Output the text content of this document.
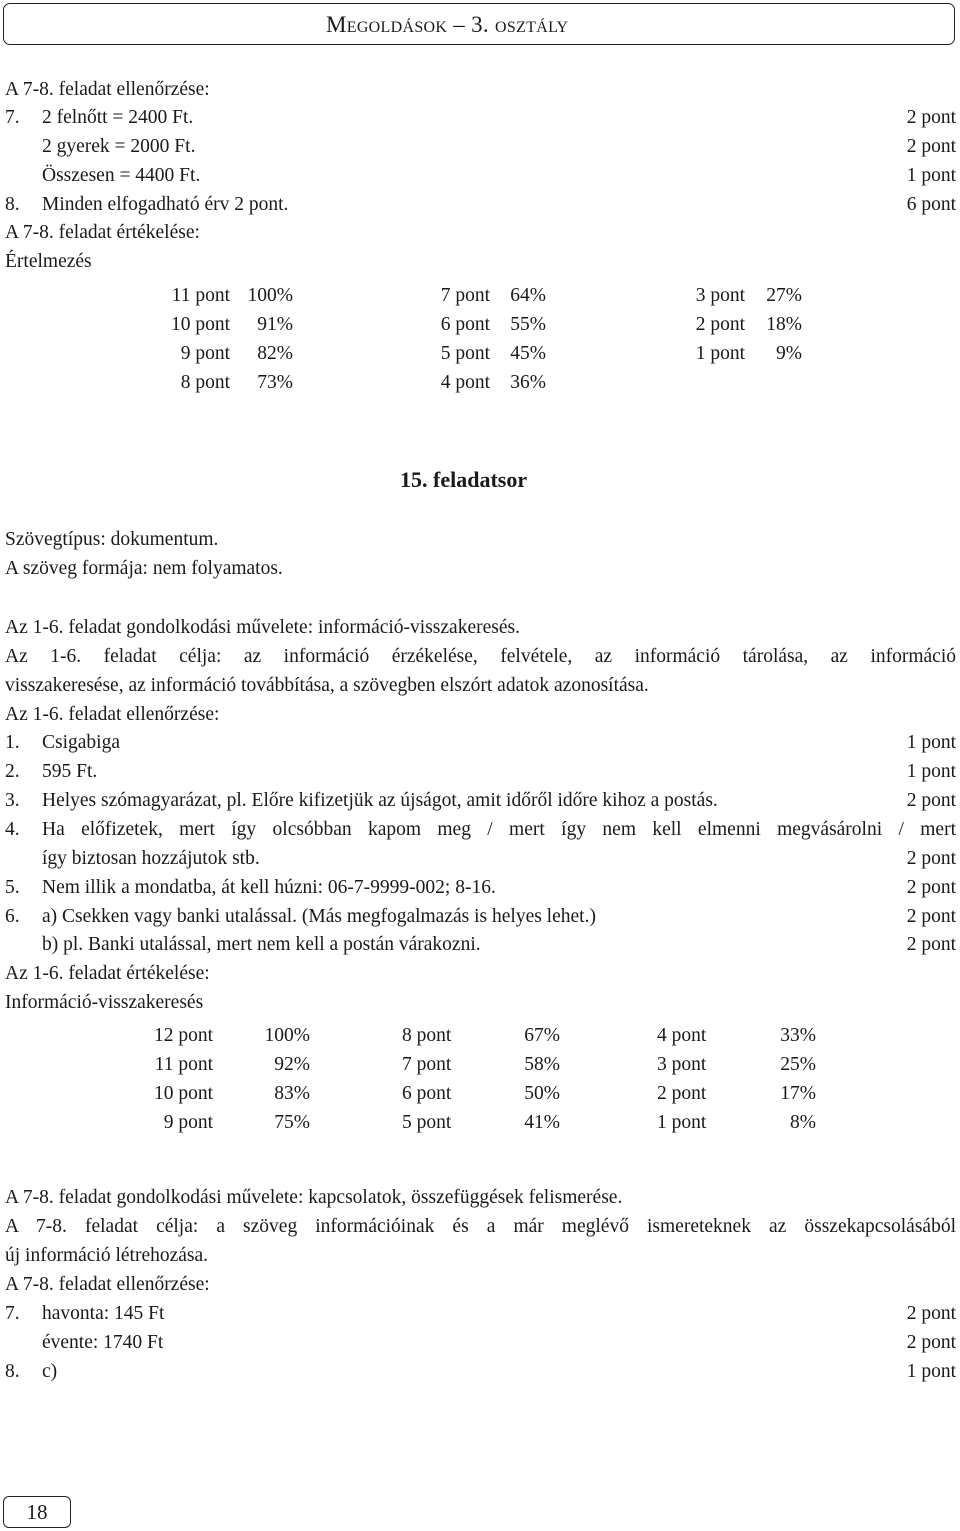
Megoldások – 3. osztály
A 7-8. feladat ellenőrzése:
7. 2 felnőtt = 2400 Ft.	2 pont
2 gyerek = 2000 Ft.	2 pont
Összesen = 4400 Ft.	1 pont
8. Minden elfogadható érv 2 pont.	6 pont
A 7-8. feladat értékelése:
Értelmezés
11 pont 100%	7 pont	64%	3 pont	27%
10 pont	91%	6 pont	55%	2 pont	18%
9 pont	82%	5 pont	45%	1 pont	9%
8 pont	73%	4 pont	36%
15. feladatsor
Szövegtípus: dokumentum.
A szöveg formája: nem folyamatos.
Az 1-6. feladat gondolkodási művelete: információ-visszakeresés.
Az 1-6. feladat célja: az információ érzékelése, felvétele, az információ tárolása, az információ
visszakeresése, az információ továbbítása, a szövegben elszórt adatok azonosítása.
Az 1-6. feladat ellenőrzése:
1. Csigabiga	1 pont
2. 595 Ft.	1 pont
3. Helyes szómagyarázat, pl. Előre kifizetjük az újságot, amit időről időre kihoz a postás.	2 pont
4. Ha előfizetek, mert így olcsóbban kapom meg / mert így nem kell elmenni megvásárolni / mert
így biztosan hozzájutok stb.	2 pont
5. Nem illik a mondatba, át kell húzni: 06-7-9999-002; 8-16.	2 pont
6. a) Csekken vagy banki utalással. (Más megfogalmazás is helyes lehet.)	2 pont
b) pl. Banki utalással, mert nem kell a postán várakozni.	2 pont
Az 1-6. feladat értékelése:
Információ-visszakeresés
12 pont	100%	8 pont	67%	4 pont	33%
11 pont	92%	7 pont	58%	3 pont	25%
10 pont	83%	6 pont	50%	2 pont	17%
9 pont	75%	5 pont	41%	1 pont	8%
A 7-8. feladat gondolkodási művelete: kapcsolatok, összefüggések felismerése.
A 7-8. feladat célja: a szöveg információinak és a már meglévő ismereteknek az összekapcsolásából
új információ létrehozása.
A 7-8. feladat ellenőrzése:
7. havonta: 145 Ft	2 pont
évente: 1740 Ft	2 pont
8. c)	1 pont
18
